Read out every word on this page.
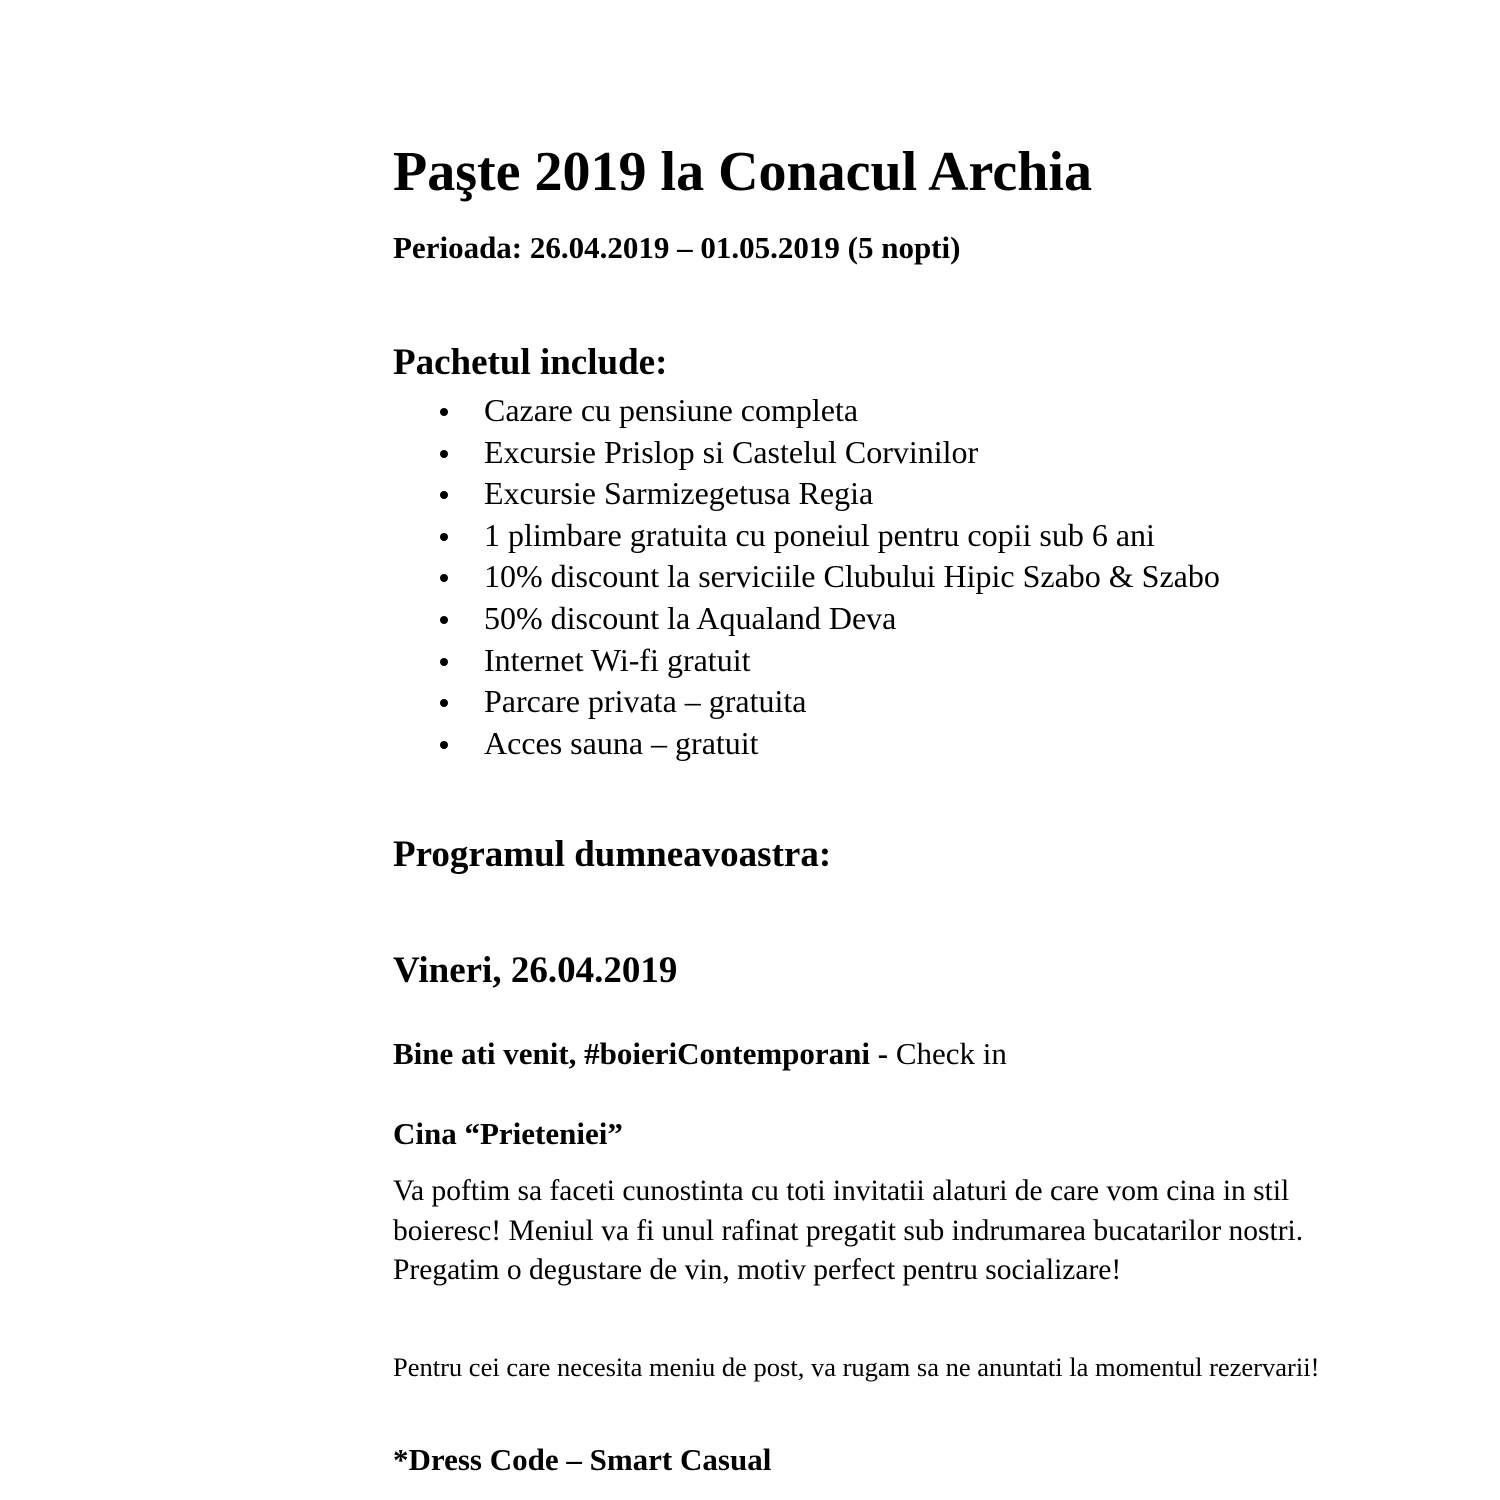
Paşte 2019 la Conacul Archia
Perioada: 26.04.2019 – 01.05.2019 (5 nopti)
Pachetul include:
Cazare cu pensiune completa
Excursie Prislop si Castelul Corvinilor
Excursie Sarmizegetusa Regia
1 plimbare gratuita cu poneiul pentru copii sub 6 ani
10% discount la serviciile Clubului Hipic Szabo & Szabo
50% discount la Aqualand Deva
Internet Wi-fi gratuit
Parcare privata – gratuita
Acces sauna – gratuit
Programul dumneavoastra:
Vineri, 26.04.2019
Bine ati venit, #boieriContemporani - Check in
Cina “Prieteniei”

Va poftim sa faceti cunostinta cu toti invitatii alaturi de care vom cina in stil boieresc! Meniul va fi unul rafinat pregatit sub indrumarea bucatarilor nostri. Pregatim o degustare de vin, motiv perfect pentru socializare!

Pentru cei care necesita meniu de post, va rugam sa ne anuntati la momentul rezervarii!

*Dress Code – Smart Casual
